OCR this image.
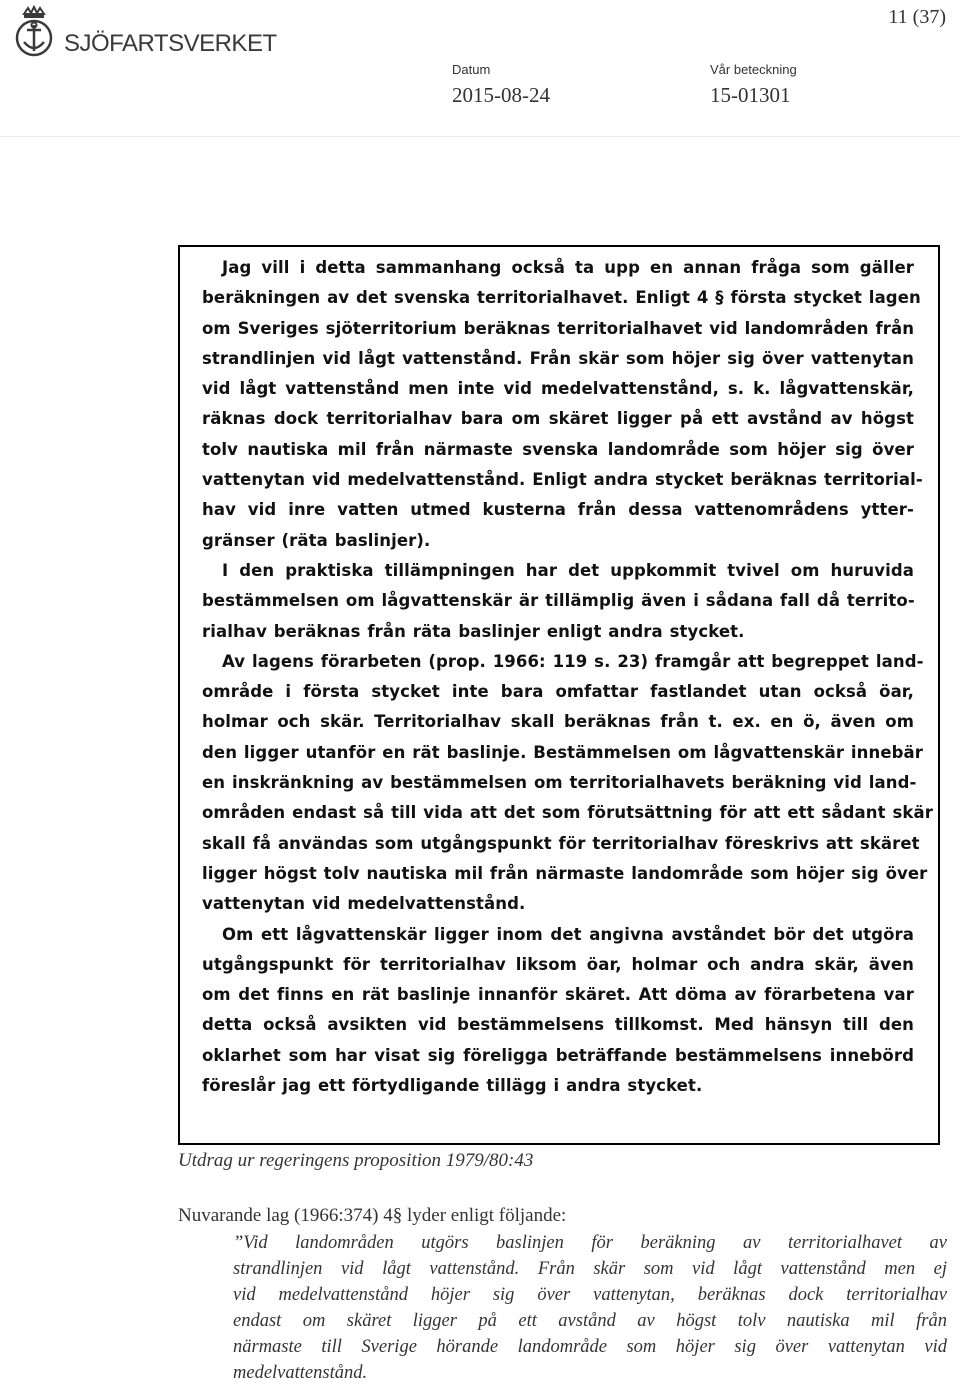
SJÖFARTSVERKET
11 (37)
Datum
2015-08-24
Vår beteckning
15-01301
Jag vill i detta sammanhang också ta upp en annan fråga som gäller
beräkningen av det svenska territorialhavet. Enligt 4 § första stycket lagen
om Sveriges sjöterritorium beräknas territorialhavet vid landområden från
strandlinjen vid lågt vattenstånd. Från skär som höjer sig över vattenytan
vid lågt vattenstånd men inte vid medelvattenstånd, s. k. lågvattenskär,
räknas dock territorialhav bara om skäret ligger på ett avstånd av högst
tolv nautiska mil från närmaste svenska landområde som höjer sig över
vattenytan vid medelvattenstånd. Enligt andra stycket beräknas territorial-
hav vid inre vatten utmed kusterna från dessa vattenområdens ytter-
gränser (räta baslinjer).
I den praktiska tillämpningen har det uppkommit tvivel om huruvida
bestämmelsen om lågvattenskär är tillämplig även i sådana fall då territo-
rialhav beräknas från räta baslinjer enligt andra stycket.
Av lagens förarbeten (prop. 1966: 119 s. 23) framgår att begreppet land-
område i första stycket inte bara omfattar fastlandet utan också öar,
holmar och skär. Territorialhav skall beräknas från t. ex. en ö, även om
den ligger utanför en rät baslinje. Bestämmelsen om lågvattenskär innebär
en inskränkning av bestämmelsen om territorialhavets beräkning vid land-
områden endast så till vida att det som förutsättning för att ett sådant skär
skall få användas som utgångspunkt för territorialhav föreskrivs att skäret
ligger högst tolv nautiska mil från närmaste landområde som höjer sig över
vattenytan vid medelvattenstånd.
Om ett lågvattenskär ligger inom det angivna avståndet bör det utgöra
utgångspunkt för territorialhav liksom öar, holmar och andra skär, även
om det finns en rät baslinje innanför skäret. Att döma av förarbetena var
detta också avsikten vid bestämmelsens tillkomst. Med hänsyn till den
oklarhet som har visat sig föreligga beträffande bestämmelsens innebörd
föreslår jag ett förtydligande tillägg i andra stycket.
Utdrag ur regeringens proposition 1979/80:43
Nuvarande lag (1966:374) 4§ lyder enligt följande:
”Vid landområden utgörs baslinjen för beräkning av territorialhavet av
strandlinjen vid lågt vattenstånd. Från skär som vid lågt vattenstånd men ej
vid medelvattenstånd höjer sig över vattenytan, beräknas dock territorialhav
endast om skäret ligger på ett avstånd av högst tolv nautiska mil från
närmaste till Sverige hörande landområde som höjer sig över vattenytan vid
medelvattenstånd.
